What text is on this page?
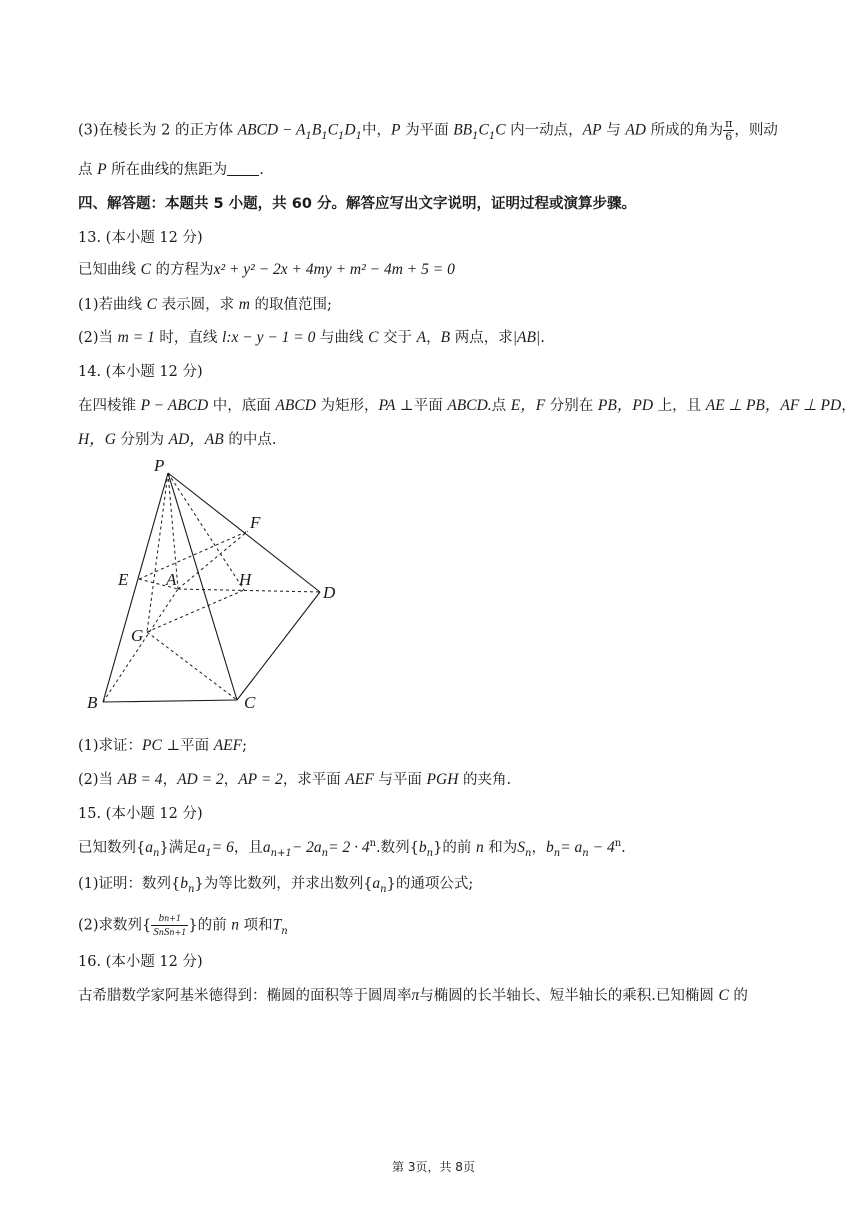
(3)在棱长为 2 的正方体 ABCD − $A_1B_1C_1D_1$中，P 为平面 $BB_1C_1C$ 内一动点，AP 与 AD 所成的角为 $\frac{\pi}{6}$ ，则动
点 P 所在曲线的焦距为 .
四、解答题：本题共 5 小题，共 60 分。解答应写出文字说明，证明过程或演算步骤。
13. (本小题 12 分)
已知曲线 C 的方程为x² + y² − 2x + 4my + m² − 4m + 5 = 0
(1)若曲线 C 表示圆，求 m 的取值范围;
(2)当 m = 1 时，直线 l:x − y − 1 = 0 与曲线 C 交于 A，B 两点，求|AB|.
14. (本小题 12 分)
在四棱锥 P − ABCD 中，底面 ABCD 为矩形，PA ⊥平面 ABCD.点 E，F 分别在 PB，PD 上，且 AE ⊥ PB，AF ⊥ PD，
H，G 分别为 AD，AB 的中点.
P
F
E A	H
D
G
B	C
(1)求证：PC ⊥平面 AEF;
(2)当 AB = 4，AD = 2，AP = 2，求平面 AEF 与平面 PGH 的夹角.
15. (本小题 12 分)
已知数列$\{a_n\}$满足$a_1= 6$，且$a_{n+1}- 2a_n= 2 \cdot 4^n$.数列$\{b_n\}$的前 n 和为$S_n$，$b_n= a_n - 4^n$.
(1)证明：数列$\{b_n\}$为等比数列，并求出数列$\{a_n\}$的通项公式;
(2)求数列{ $\frac{bn+1}{\text{SnSn+1}}$ }的前 n 项和$T_n$
16. (本小题 12 分)
古希腊数学家阿基米德得到：椭圆的面积等于圆周率π与椭圆的长半轴长、短半轴长的乘积.已知椭圆 C 的
第 3页，共 8页
